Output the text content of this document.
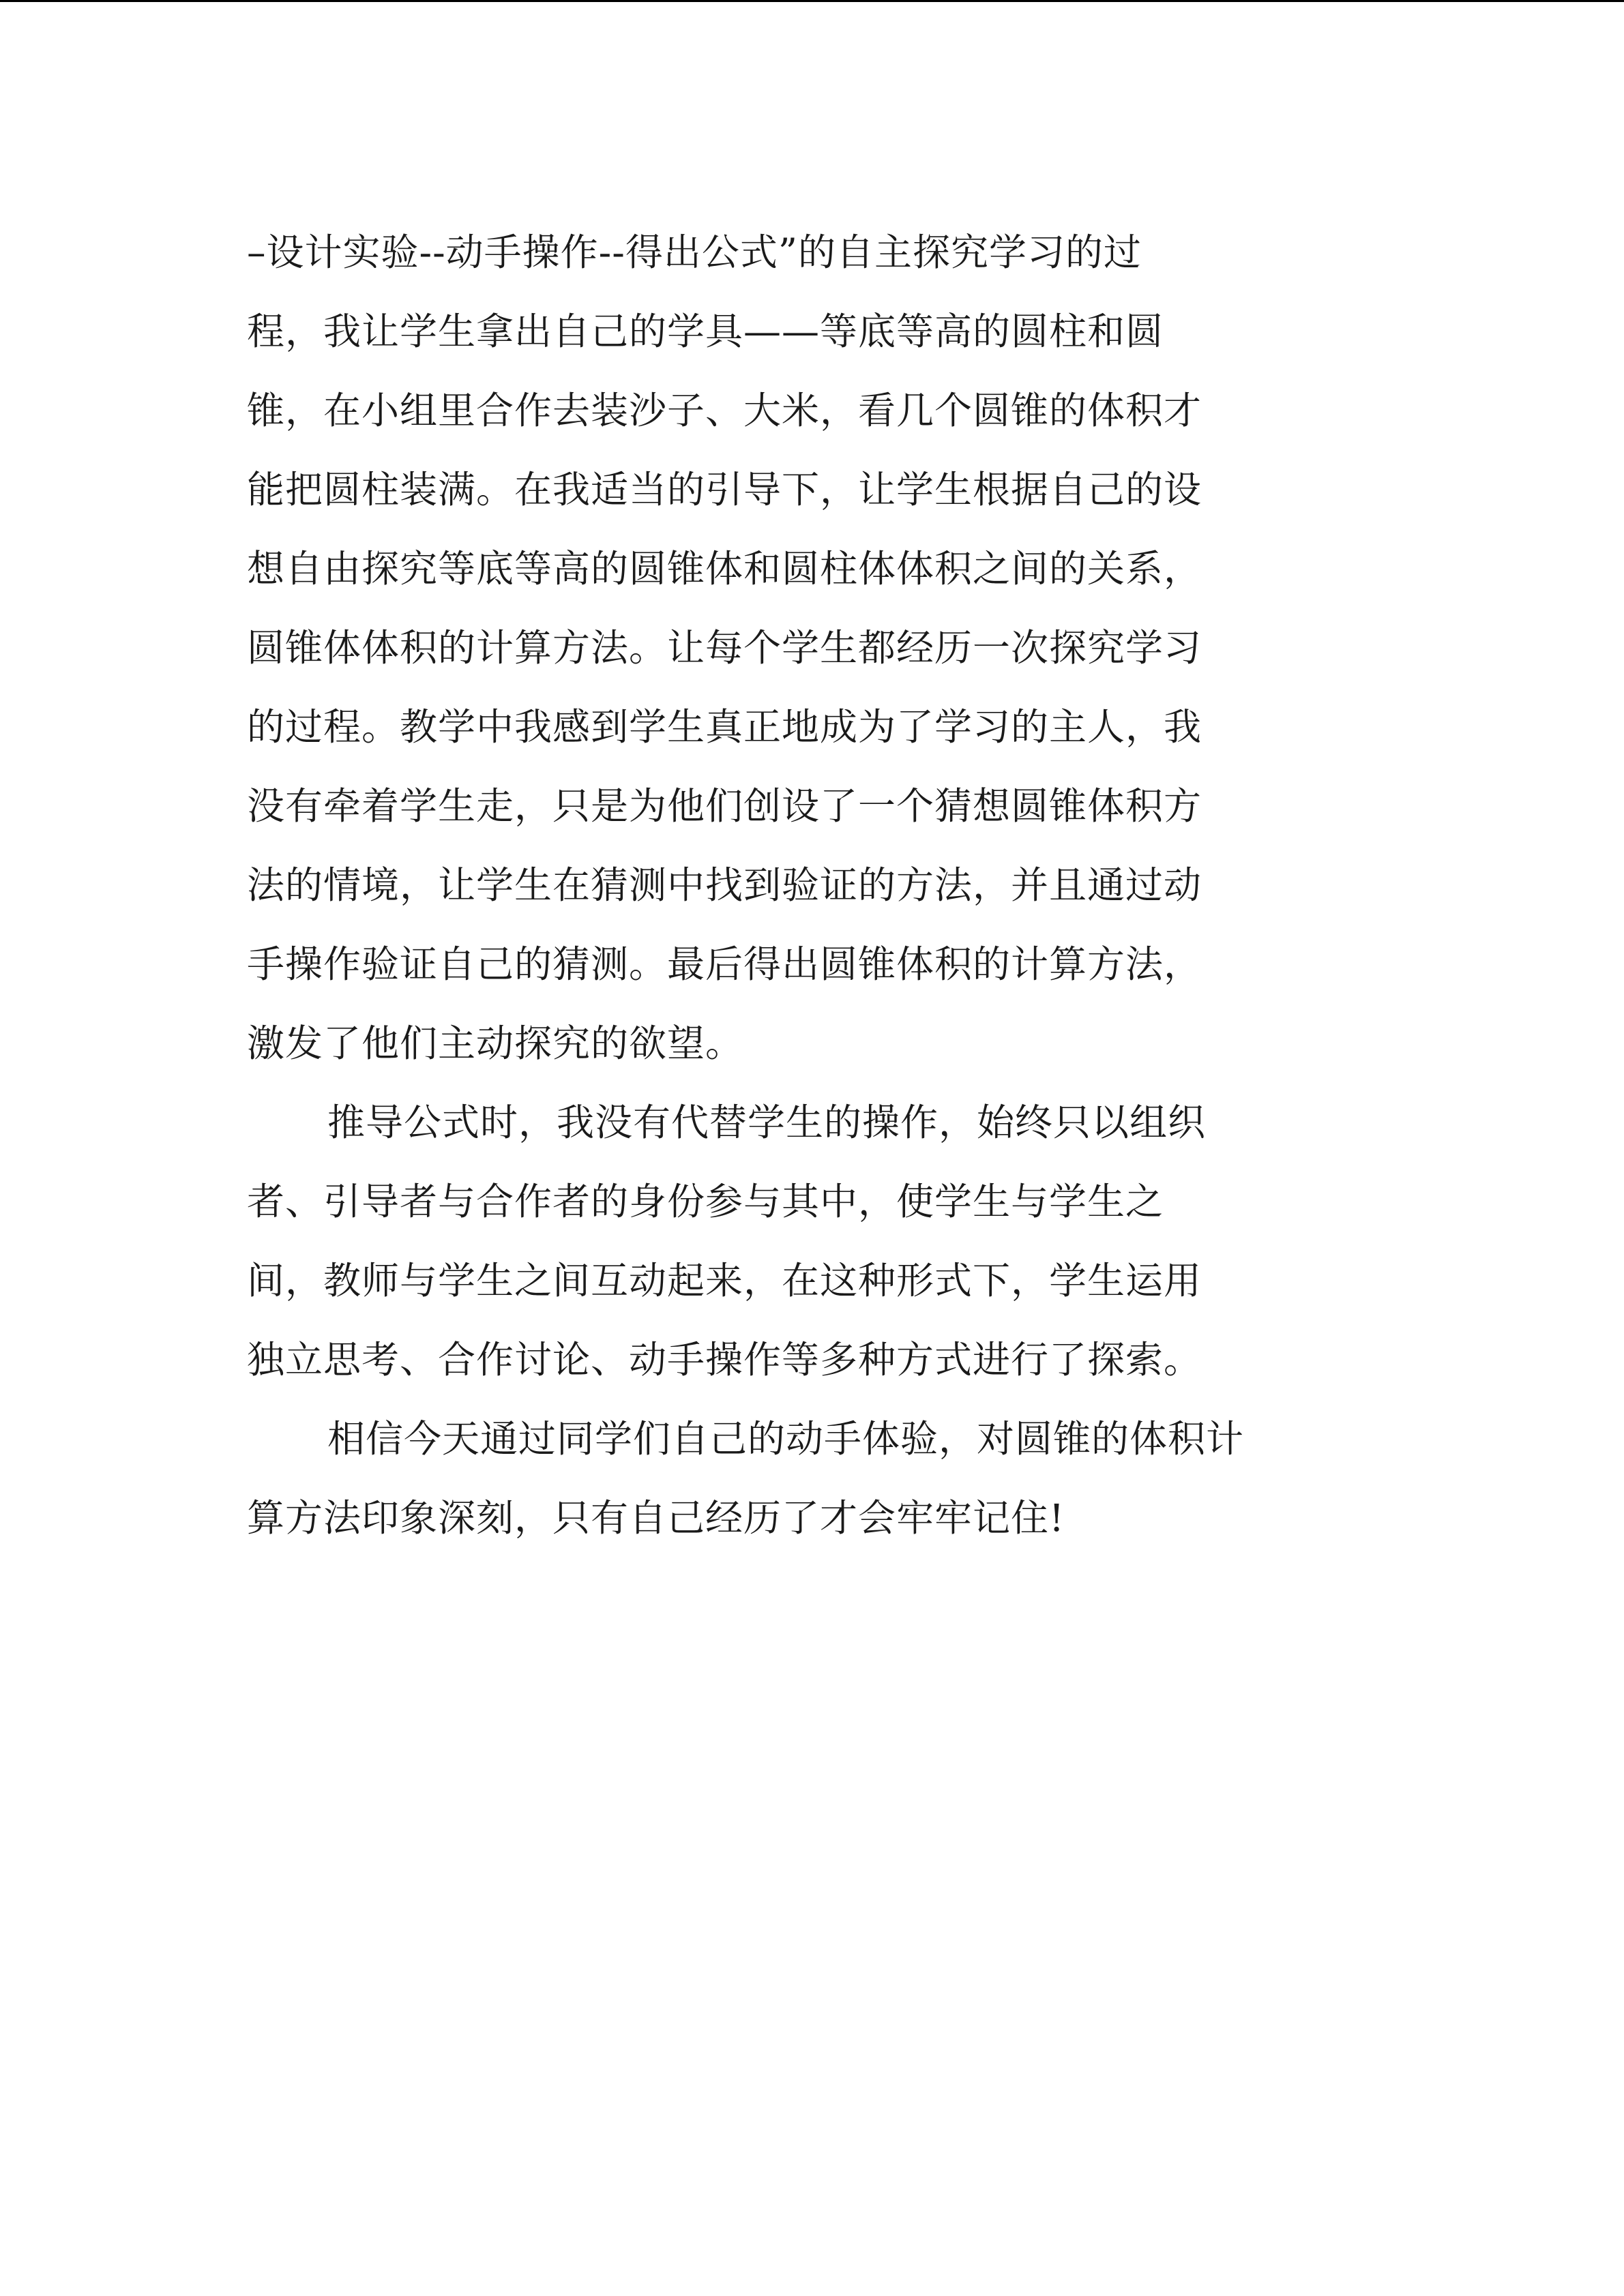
–设计实验--动手操作--得出公式”的自主探究学习的过
程，我让学生拿出自己的学具——等底等高的圆柱和圆
锥，在小组里合作去装沙子、大米，看几个圆锥的体积才
能把圆柱装满。在我适当的引导下，让学生根据自己的设
想自由探究等底等高的圆锥体和圆柱体体积之间的关系，
圆锥体体积的计算方法。让每个学生都经历一次探究学习
的过程。教学中我感到学生真正地成为了学习的主人，我
没有牵着学生走，只是为他们创设了一个猜想圆锥体积方
法的情境，让学生在猜测中找到验证的方法，并且通过动
手操作验证自己的猜测。最后得出圆锥体积的计算方法，
激发了他们主动探究的欲望。
推导公式时，我没有代替学生的操作，始终只以组织
者、引导者与合作者的身份参与其中，使学生与学生之
间，教师与学生之间互动起来，在这种形式下，学生运用
独立思考、合作讨论、动手操作等多种方式进行了探索。
相信今天通过同学们自己的动手体验，对圆锥的体积计
算方法印象深刻，只有自己经历了才会牢牢记住!
